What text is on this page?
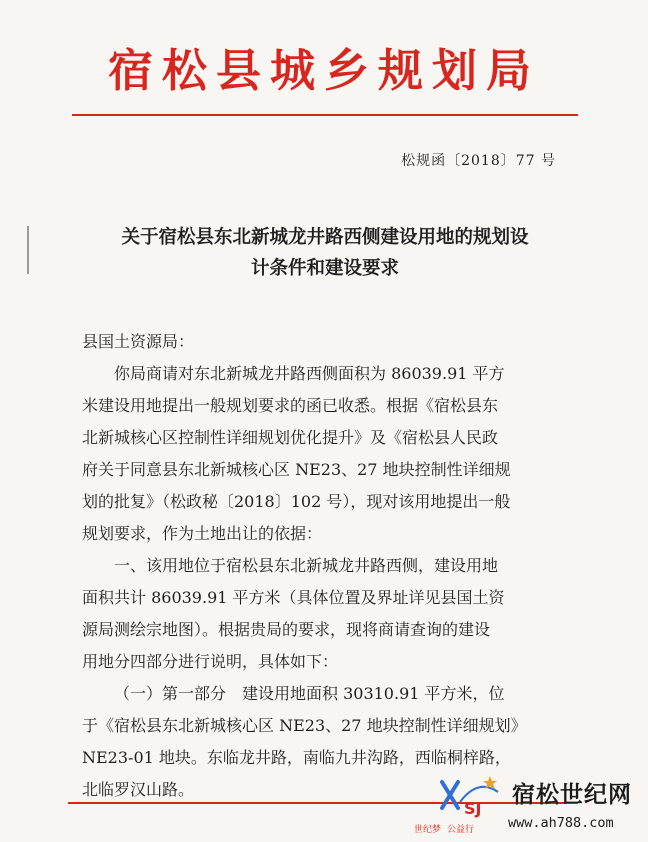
宿松县城乡规划局
松规函〔2018〕77 号
关于宿松县东北新城龙井路西侧建设用地的规划设
计条件和建设要求
县国土资源局：
你局商请对东北新城龙井路西侧面积为 86039.91 平方
米建设用地提出一般规划要求的函已收悉。根据《宿松县东
北新城核心区控制性详细规划优化提升》及《宿松县人民政
府关于同意县东北新城核心区 NE23、27 地块控制性详细规
划的批复》（松政秘〔2018〕102 号），现对该用地提出一般
规划要求，作为土地出让的依据：
一、该用地位于宿松县东北新城龙井路西侧，建设用地
面积共计 86039.91 平方米（具体位置及界址详见县国土资
源局测绘宗地图）。根据贵局的要求，现将商请查询的建设
用地分四部分进行说明，具体如下：
（一）第一部分　建设用地面积 30310.91 平方米，位
于《宿松县东北新城核心区 NE23、27 地块控制性详细规划》
NE23-01 地块。东临龙井路，南临九井沟路，西临桐梓路，
北临罗汉山路。
SJ
宿松世纪网
www.ah788.com
世纪梦 公益行
